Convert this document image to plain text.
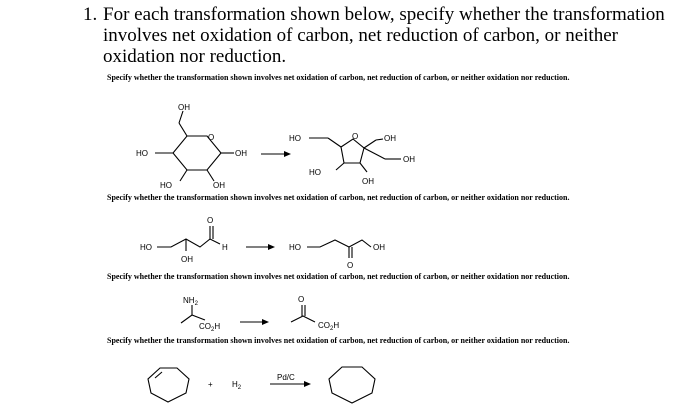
1. For each transformation shown below, specify whether the transformation involves net oxidation of carbon, net reduction of carbon, or neither oxidation nor reduction.
Specify whether the transformation shown involves net oxidation of carbon, net reduction of carbon, or neither oxidation nor reduction.
Specify whether the transformation shown involves net oxidation of carbon, net reduction of carbon, or neither oxidation nor reduction.
Specify whether the transformation shown involves net oxidation of carbon, net reduction of carbon, or neither oxidation nor reduction.
Specify whether the transformation shown involves net oxidation of carbon, net reduction of carbon, or neither oxidation nor reduction.
OH
O
HO	OH
HO	OH
HO	O	OH
OH
HO
OH
O
HO	H
OH
HO	OH
O
$NH_2$
$CO_2H$
O
$CO_2H$
+ $H_2$
Pd/C
